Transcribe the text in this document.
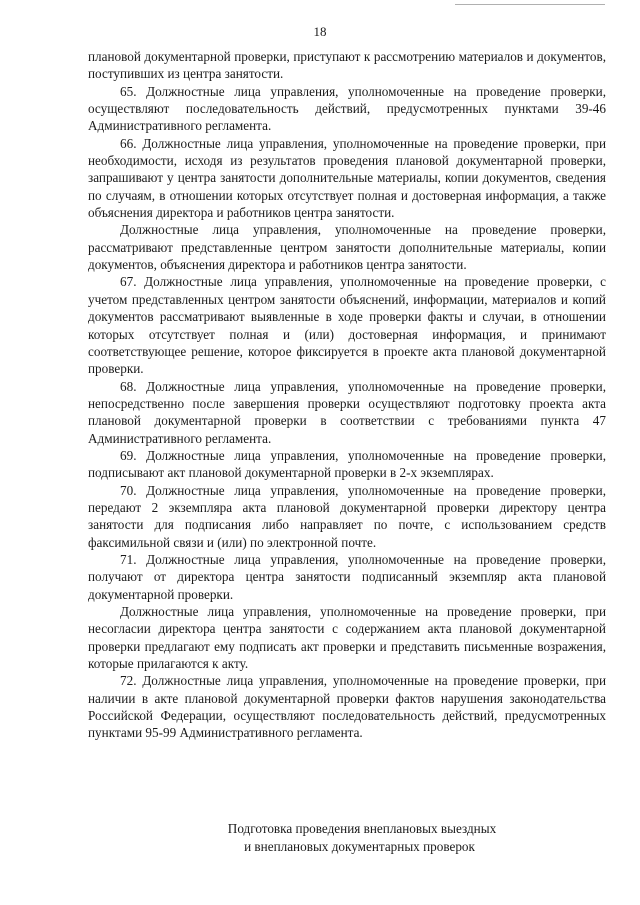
18

плановой документарной проверки, приступают к рассмотрению материалов и документов, поступивших из центра занятости.

65. Должностные лица управления, уполномоченные на проведение проверки, осуществляют последовательность действий, предусмотренных пунктами 39-46 Административного регламента.

66. Должностные лица управления, уполномоченные на проведение проверки, при необходимости, исходя из результатов проведения плановой документарной проверки, запрашивают у центра занятости дополнительные материалы, копии документов, сведения по случаям, в отношении которых отсутствует полная и достоверная информация, а также объяснения директора и работников центра занятости.

Должностные лица управления, уполномоченные на проведение проверки, рассматривают представленные центром занятости дополнительные материалы, копии документов, объяснения директора и работников центра занятости.

67. Должностные лица управления, уполномоченные на проведение проверки, с учетом представленных центром занятости объяснений, информации, материалов и копий документов рассматривают выявленные в ходе проверки факты и случаи, в отношении которых отсутствует полная и (или) достоверная информация, и принимают соответствующее решение, которое фиксируется в проекте акта плановой документарной проверки.

68. Должностные лица управления, уполномоченные на проведение проверки, непосредственно после завершения проверки осуществляют подготовку проекта акта плановой документарной проверки в соответствии с требованиями пункта 47 Административного регламента.

69. Должностные лица управления, уполномоченные на проведение проверки, подписывают акт плановой документарной проверки в 2-х экземплярах.

70. Должностные лица управления, уполномоченные на проведение проверки, передают 2 экземпляра акта плановой документарной проверки директору центра занятости для подписания либо направляет по почте, с использованием средств факсимильной связи и (или) по электронной почте.

71. Должностные лица управления, уполномоченные на проведение проверки, получают от директора центра занятости подписанный экземпляр акта плановой документарной проверки.

Должностные лица управления, уполномоченные на проведение проверки, при несогласии директора центра занятости с содержанием акта плановой документарной проверки предлагают ему подписать акт проверки и представить письменные возражения, которые прилагаются к акту.

72. Должностные лица управления, уполномоченные на проведение проверки, при наличии в акте плановой документарной проверки фактов нарушения законодательства Российской Федерации, осуществляют последовательность действий, предусмотренных пунктами 95-99 Административного регламента.

Подготовка проведения внеплановых выездных
и внеплановых документарных проверок
